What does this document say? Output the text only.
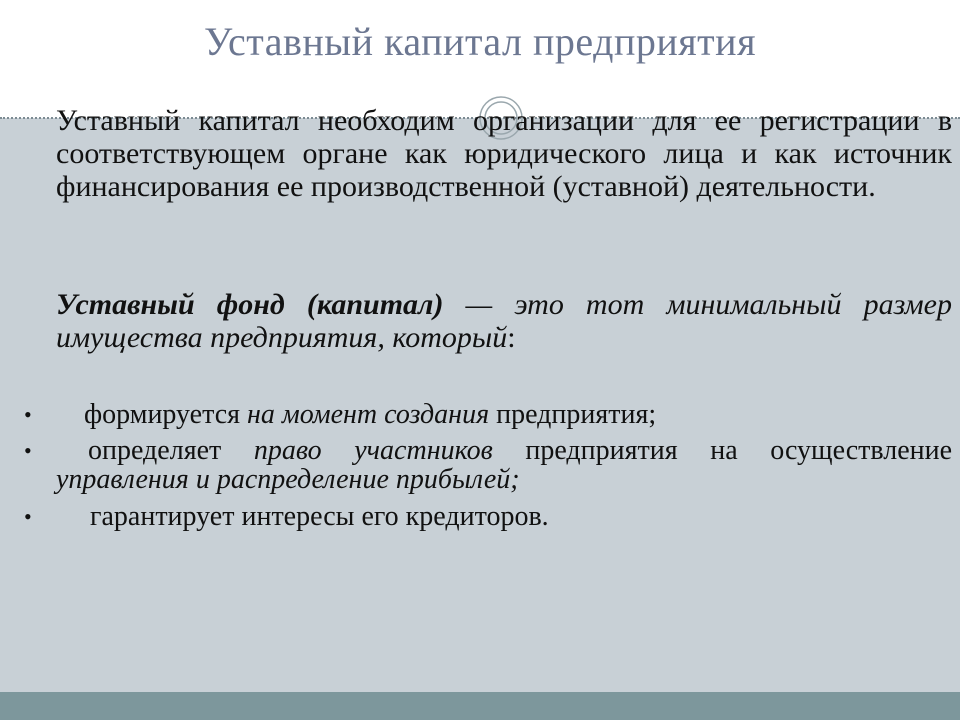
Уставный капитал предприятия

Уставный капитал необходим организации для ее регистрации в соответствующем органе как юридического лица и как источник финансирования ее производственной (уставной) деятельности.

Уставный фонд (капитал) — это тот минимальный размер имущества предприятия, который:

• формируется на момент создания предприятия;
• определяет право участников предприятия на осуществление управления и распределение прибылей;
• гарантирует интересы его кредиторов.
